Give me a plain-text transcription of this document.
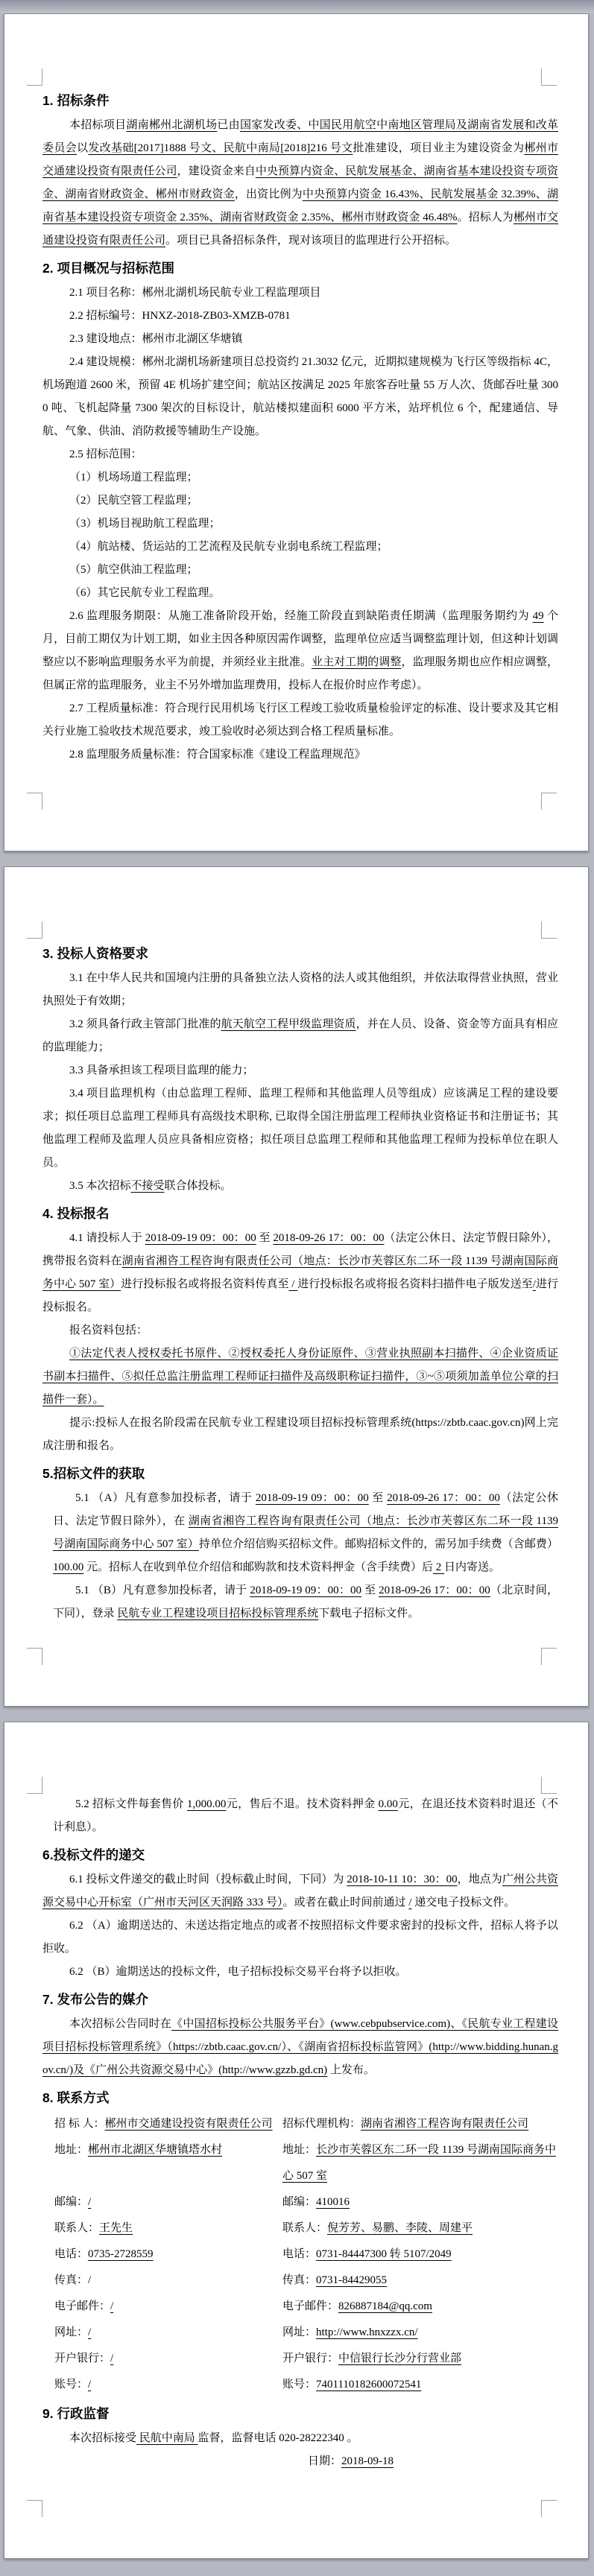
1. 招标条件

本招标项目湖南郴州北湖机场已由国家发改委、中国民用航空中南地区管理局及湖南省发展和改革委员会以发改基础[2017]1888 号文、民航中南局[2018]216 号文批准建设，项目业主为建设资金为郴州市交通建设投资有限责任公司，建设资金来自中央预算内资金、民航发展基金、湖南省基本建设投资专项资金、湖南省财政资金、郴州市财政资金，出资比例为中央预算内资金 16.43%、民航发展基金 32.39%、湖南省基本建设投资专项资金 2.35%、湖南省财政资金 2.35%、郴州市财政资金 46.48%。招标人为郴州市交通建设投资有限责任公司。项目已具备招标条件，现对该项目的监理进行公开招标。

2. 项目概况与招标范围

2.1 项目名称：郴州北湖机场民航专业工程监理项目

2.2 招标编号：HNXZ-2018-ZB03-XMZB-0781

2.3 建设地点：郴州市北湖区华塘镇

2.4 建设规模：郴州北湖机场新建项目总投资约 21.3032 亿元，近期拟建规模为飞行区等级指标 4C，机场跑道 2600 米，预留 4E 机场扩建空间；航站区按满足 2025 年旅客吞吐量 55 万人次、货邮吞吐量 3000 吨、飞机起降量 7300 架次的目标设计，航站楼拟建面积 6000 平方米，站坪机位 6 个，配建通信、导航、气象、供油、消防救援等辅助生产设施。

2.5 招标范围：

（1）机场场道工程监理；

（2）民航空管工程监理；

（3）机场目视助航工程监理；

（4）航站楼、货运站的工艺流程及民航专业弱电系统工程监理；

（5）航空供油工程监理；

（6）其它民航专业工程监理。

2.6 监理服务期限：从施工准备阶段开始，经施工阶段直到缺陷责任期满（监理服务期约为 49 个月，目前工期仅为计划工期，如业主因各种原因需作调整，监理单位应适当调整监理计划，但这种计划调整应以不影响监理服务水平为前提，并须经业主批准。业主对工期的调整，监理服务期也应作相应调整，但属正常的监理服务，业主不另外增加监理费用，投标人在报价时应作考虑）。

2.7 工程质量标准：符合现行民用机场飞行区工程竣工验收质量检验评定的标准、设计要求及其它相关行业施工验收技术规范要求，竣工验收时必须达到合格工程质量标准。

2.8 监理服务质量标准：符合国家标准《建设工程监理规范》

3. 投标人资格要求

3.1 在中华人民共和国境内注册的具备独立法人资格的法人或其他组织，并依法取得营业执照，营业执照处于有效期；

3.2 须具备行政主管部门批准的航天航空工程甲级监理资质，并在人员、设备、资金等方面具有相应的监理能力；

3.3 具备承担该工程项目监理的能力；

3.4 项目监理机构（由总监理工程师、监理工程师和其他监理人员等组成）应该满足工程的建设要求；拟任项目总监理工程师具有高级技术职称, 已取得全国注册监理工程师执业资格证书和注册证书；其他监理工程师及监理人员应具备相应资格；拟任项目总监理工程师和其他监理工程师为投标单位在职人员。

3.5 本次招标不接受联合体投标。

4. 投标报名

4.1 请投标人于 2018-09-19 09：00：00 至 2018-09-26 17：00：00（法定公休日、法定节假日除外），携带报名资料在湖南省湘咨工程咨询有限责任公司（地点：长沙市芙蓉区东二环一段 1139 号湖南国际商务中心 507 室）进行投标报名或将报名资料传真至 / 进行投标报名或将报名资料扫描件电子版发送至/进行投标报名。

报名资料包括：

①法定代表人授权委托书原件、②授权委托人身份证原件、③营业执照副本扫描件、④企业资质证书副本扫描件、⑤拟任总监注册监理工程师证扫描件及高级职称证扫描件，③~⑤项须加盖单位公章的扫描件一套）。

提示:投标人在报名阶段需在民航专业工程建设项目招标投标管理系统(https://zbtb.caac.gov.cn)网上完成注册和报名。

5.招标文件的获取

5.1 （A）凡有意参加投标者，请于 2018-09-19 09：00：00 至 2018-09-26 17：00：00（法定公休日、法定节假日除外），在 湖南省湘咨工程咨询有限责任公司（地点：长沙市芙蓉区东二环一段 1139 号湖南国际商务中心 507 室）持单位介绍信购买招标文件。邮购招标文件的，需另加手续费（含邮费）100.00 元。招标人在收到单位介绍信和邮购款和技术资料押金（含手续费）后 2 日内寄送。

5.1 （B）凡有意参加投标者，请于 2018-09-19 09：00：00 至 2018-09-26 17：00：00（北京时间，下同），登录 民航专业工程建设项目招标投标管理系统下载电子招标文件。

5.2 招标文件每套售价 1,000.00元，售后不退。技术资料押金 0.00元，在退还技术资料时退还（不计利息）。

6.投标文件的递交

6.1 投标文件递交的截止时间（投标截止时间，下同）为 2018-10-11 10：30：00，地点为广州公共资源交易中心开标室（广州市天河区天润路 333 号）。或者在截止时间前通过 / 递交电子投标文件。

6.2 （A）逾期送达的、未送达指定地点的或者不按照招标文件要求密封的投标文件，招标人将予以拒收。

6.2 （B）逾期送达的投标文件，电子招标投标交易平台将予以拒收。

7. 发布公告的媒介

本次招标公告同时在《中国招标投标公共服务平台》(www.cebpubservice.com)、《民航专业工程建设项目招标投标管理系统》（https://zbtb.caac.gov.cn/）、《湖南省招标投标监管网》(http://www.bidding.hunan.gov.cn/)及《广州公共资源交易中心》(http://www.gzzb.gd.cn) 上发布。

8. 联系方式
招 标 人：郴州市交通建设投资有限责任公司 招标代理机构：湖南省湘咨工程咨询有限责任公司
地址：郴州市北湖区华塘镇塔水村	地址：长沙市芙蓉区东二环一段 1139 号湖南国际商务中心 507 室
邮编：/	邮编：410016
联系人：王先生	联系人：倪芳芳、易鹏、李陵、周建平
电话：0735-2728559	电话：0731-84447300 转 5107/2049
传真：/	传真：0731-84429055
电子邮件：/	电子邮件：826887184@qq.com
网址：/	网址：http://www.hnxzzx.cn/
开户银行：/	开户银行：中信银行长沙分行营业部
账号：/	账号：7401110182600072541
9. 行政监督

本次招标接受 民航中南局 监督，监督电话 020-28222340 。

日期：2018-09-18
